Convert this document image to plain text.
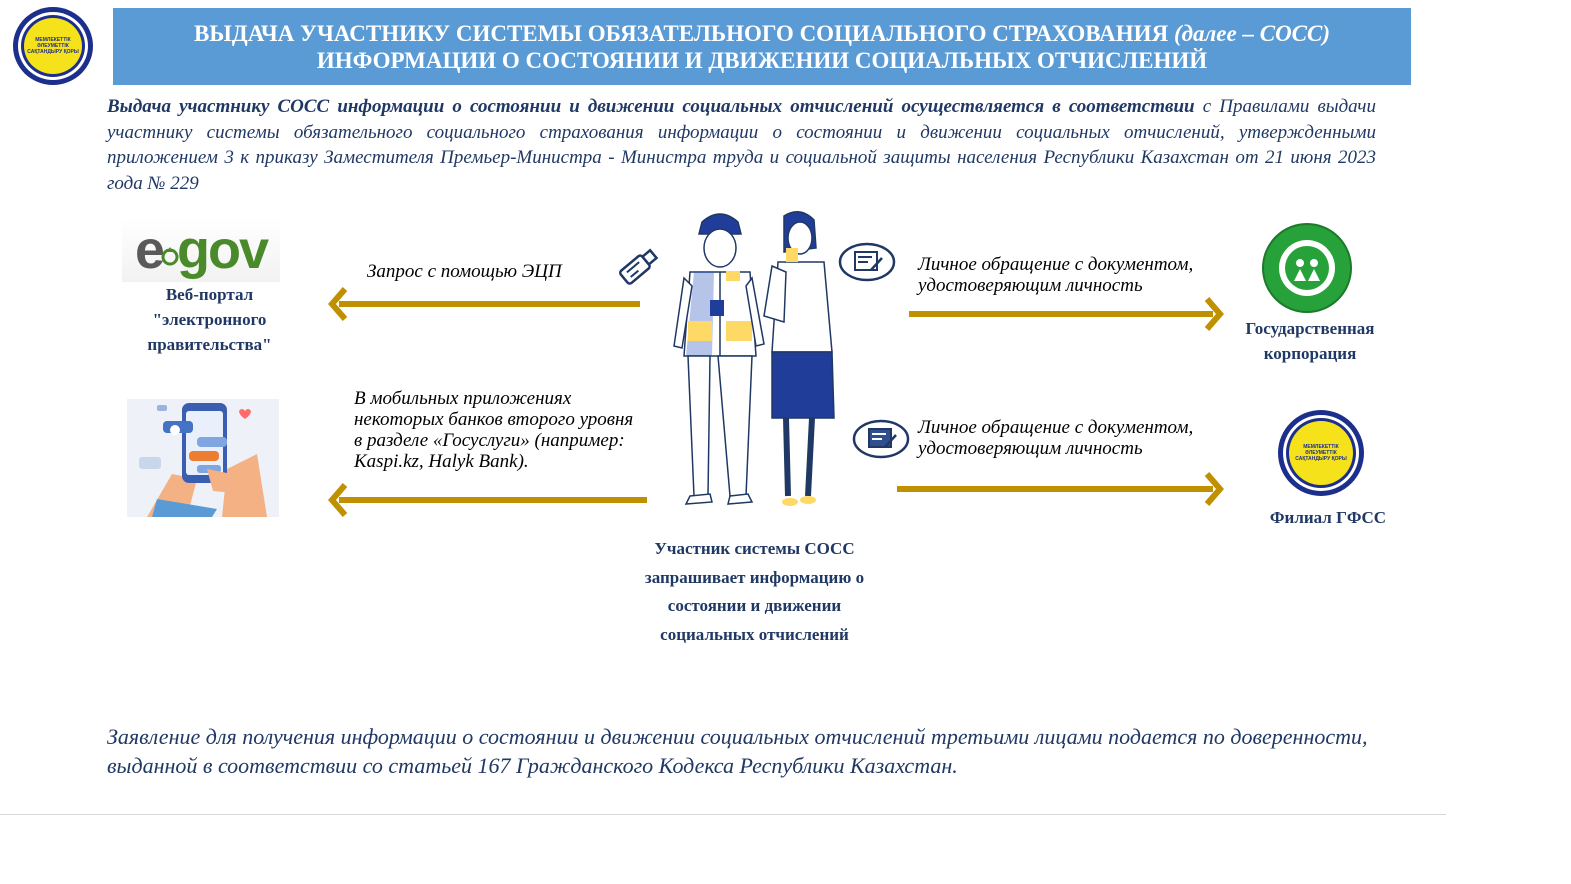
МЕМЛЕКЕТТІК ӘЛЕУМЕТТІК САҚТАНДЫРУ ҚОРЫ
ВЫДАЧА УЧАСТНИКУ СИСТЕМЫ ОБЯЗАТЕЛЬНОГО СОЦИАЛЬНОГО СТРАХОВАНИЯ (далее – СОСС)
ИНФОРМАЦИИ О СОСТОЯНИИ И ДВИЖЕНИИ СОЦИАЛЬНЫХ ОТЧИСЛЕНИЙ
Выдача участнику СОСС информации о состоянии и движении социальных отчислений осуществляется в соответствии с Правилами выдачи участнику системы обязательного социального страхования информации о состоянии и движении социальных отчислений, утвержденными приложением 3 к приказу Заместителя Премьер-Министра - Министра труда и социальной защиты населения Республики Казахстан от 21 июня 2023 года № 229
e gov
Веб-портал "электронного правительства"
Запрос с помощью ЭЦП
В мобильных приложениях некоторых банков второго уровня в разделе «Госуслуги» (например: Kaspi.kz, Halyk Bank).
Участник системы СОСС запрашивает информацию о состоянии и движении социальных отчислений
Личное обращение с документом, удостоверяющим личность
Личное обращение с документом, удостоверяющим личность
Государственная корпорация
МЕМЛЕКЕТТІК ӘЛЕУМЕТТІК САҚТАНДЫРУ ҚОРЫ
Филиал ГФСС
Заявление для получения информации о состоянии и движении социальных отчислений третьими лицами подается по доверенности, выданной в соответствии со статьей 167 Гражданского Кодекса Республики Казахстан.
